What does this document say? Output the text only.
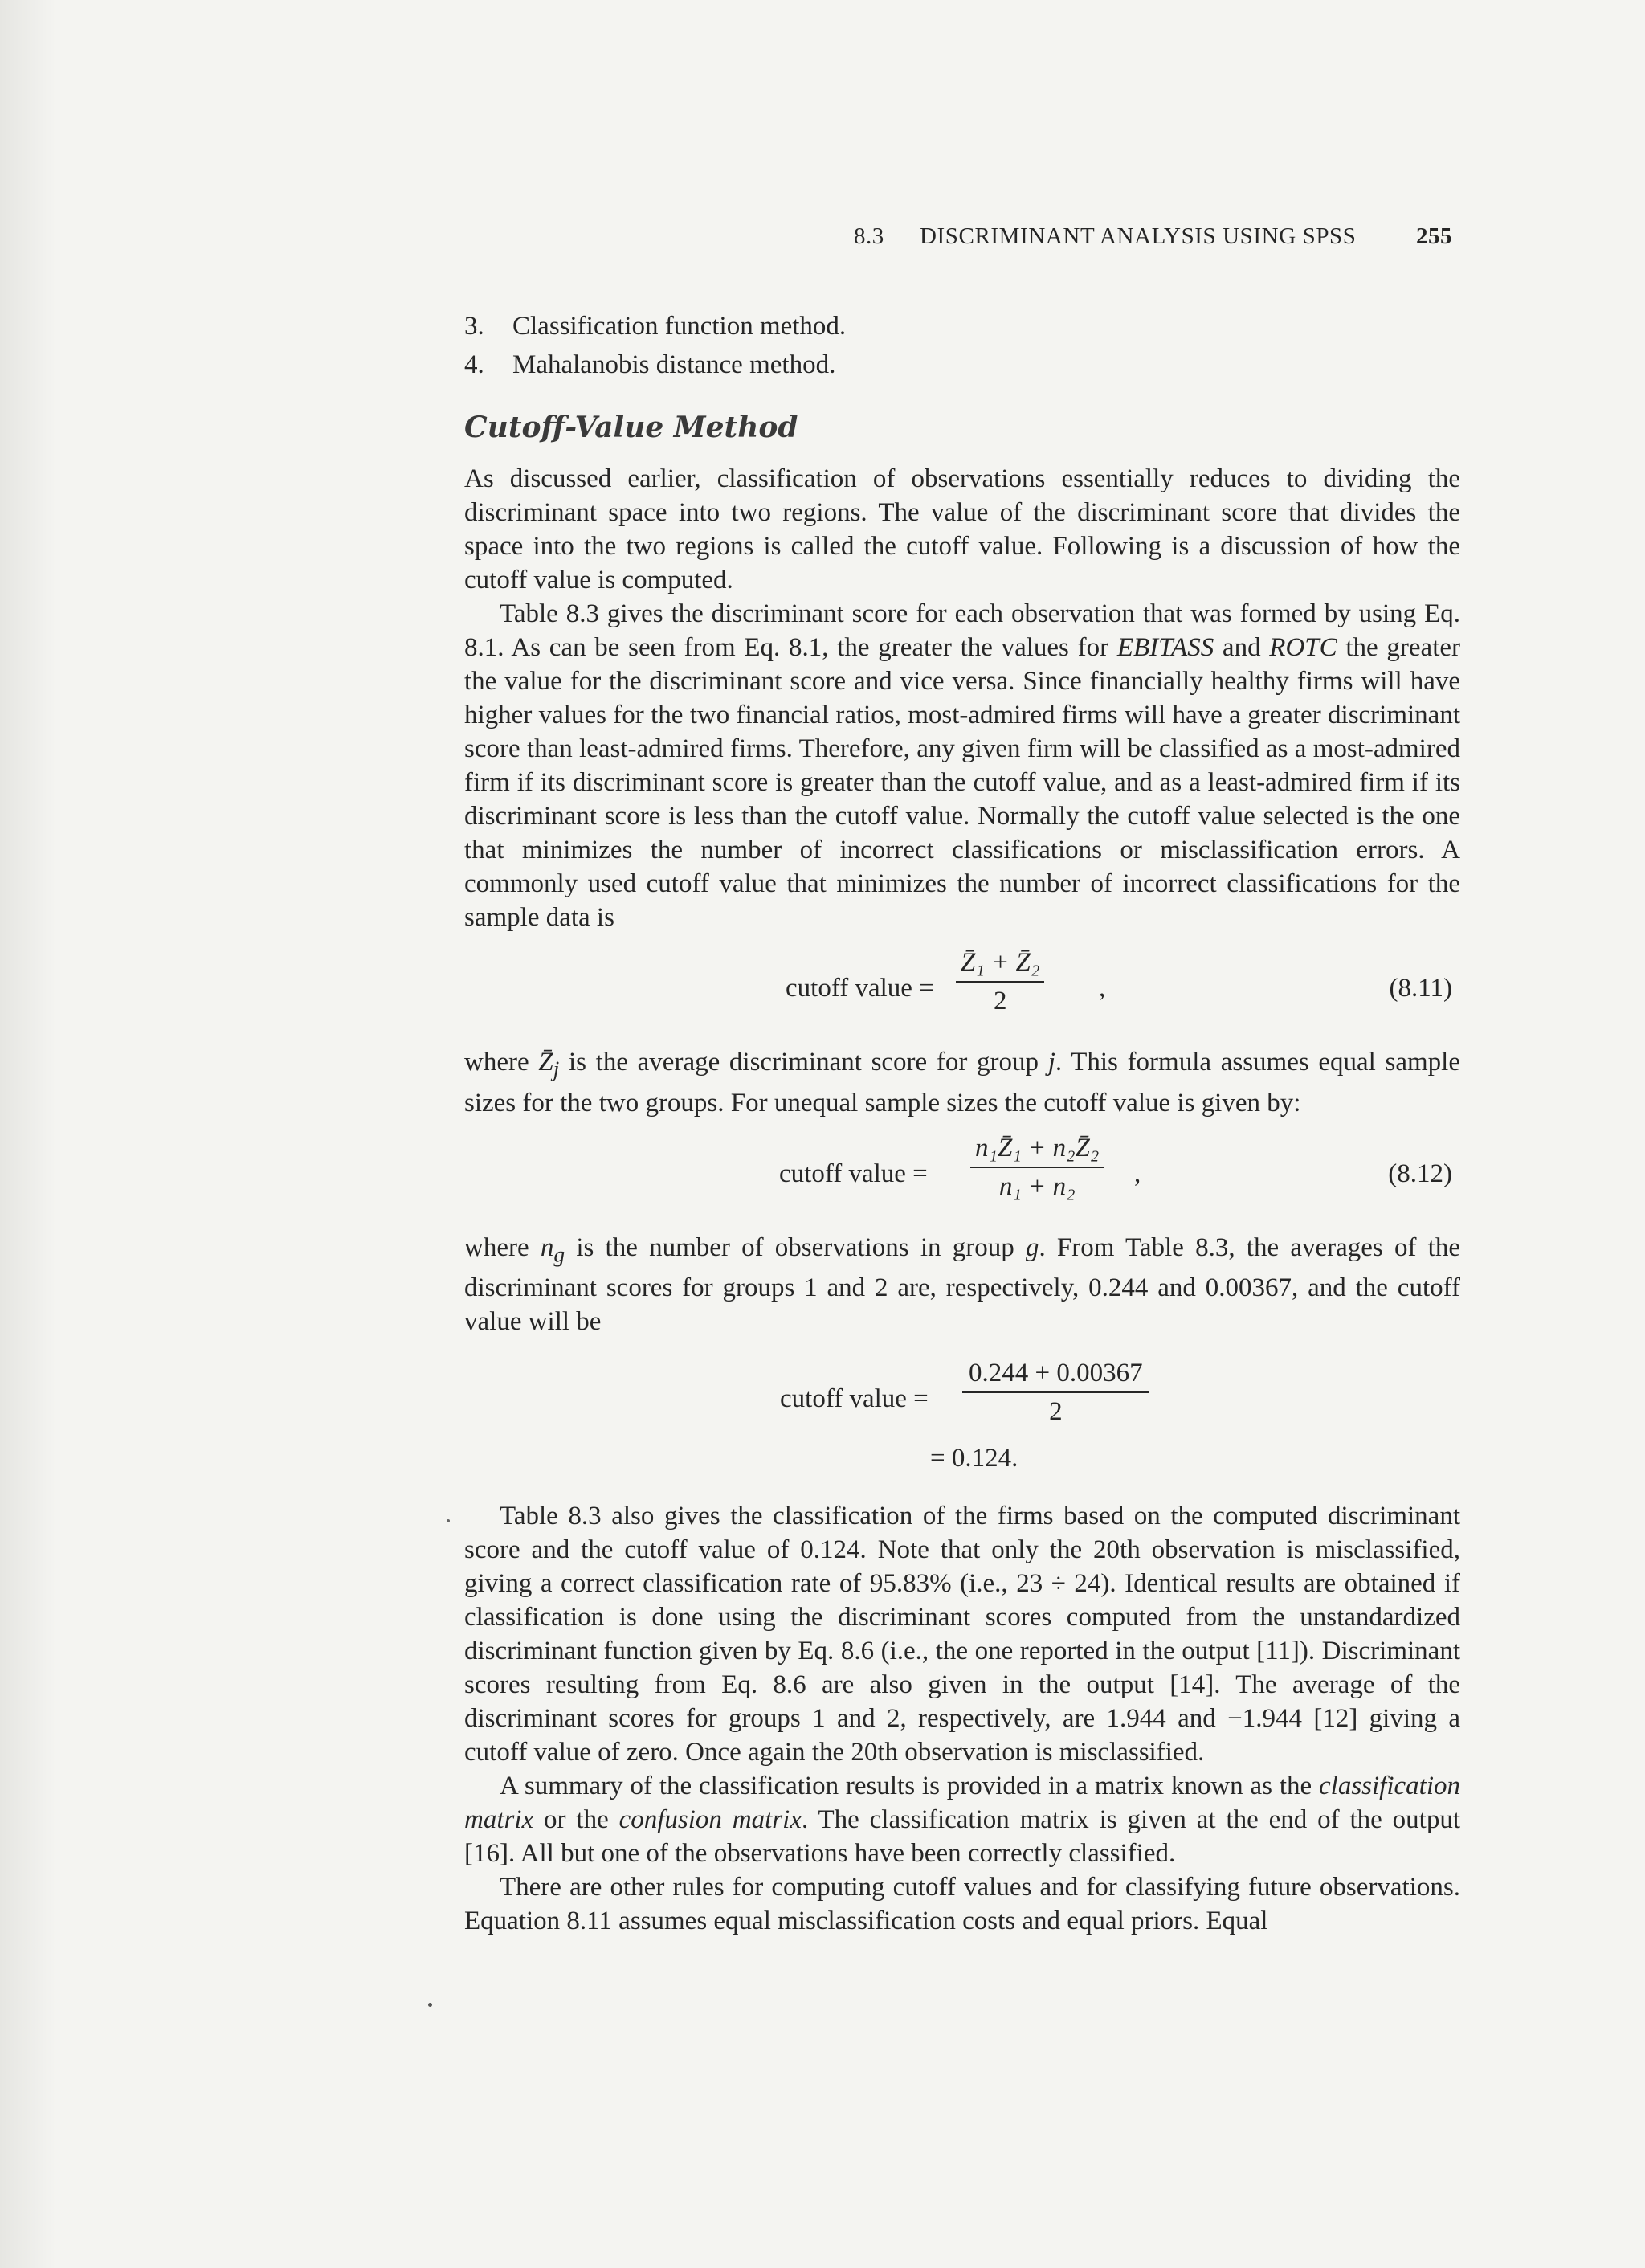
8.3 DISCRIMINANT ANALYSIS USING SPSS	255
3. Classification function method.
4. Mahalanobis distance method.
Cutoff-Value Method

As discussed earlier, classification of observations essentially reduces to dividing the discriminant space into two regions. The value of the discriminant score that divides the space into the two regions is called the cutoff value. Following is a discussion of how the cutoff value is computed.

Table 8.3 gives the discriminant score for each observation that was formed by using Eq. 8.1. As can be seen from Eq. 8.1, the greater the values for EBITASS and ROTC the greater the value for the discriminant score and vice versa. Since financially healthy firms will have higher values for the two financial ratios, most-admired firms will have a greater discriminant score than least-admired firms. Therefore, any given firm will be classified as a most-admired firm if its discriminant score is greater than the cutoff value, and as a least-admired firm if its discriminant score is less than the cutoff value. Normally the cutoff value selected is the one that minimizes the number of incorrect classifications or misclassification errors. A commonly used cutoff value that minimizes the number of incorrect classifications for the sample data is

cutoff value = $\frac{\text{Z̄₁ + Z̄₂}}{2}$ ,	(8.11)

where $Z̄_j$ is the average discriminant score for group j. This formula assumes equal sample sizes for the two groups. For unequal sample sizes the cutoff value is given by:

cutoff value = $\frac{\text{n₁Z̄₁ + n₂Z̄₂}}{\text{n₁ + n₂}}$ ,	(8.12)

where $n_g$ is the number of observations in group g. From Table 8.3, the averages of the discriminant scores for groups 1 and 2 are, respectively, 0.244 and 0.00367, and the cutoff value will be

cutoff value = $\frac{0.244 + 0.00367}{2}$
= 0.124.

Table 8.3 also gives the classification of the firms based on the computed discriminant score and the cutoff value of 0.124. Note that only the 20th observation is misclassified, giving a correct classification rate of 95.83% (i.e., 23 ÷ 24). Identical results are obtained if classification is done using the discriminant scores computed from the unstandardized discriminant function given by Eq. 8.6 (i.e., the one reported in the output [11]). Discriminant scores resulting from Eq. 8.6 are also given in the output [14]. The average of the discriminant scores for groups 1 and 2, respectively, are 1.944 and −1.944 [12] giving a cutoff value of zero. Once again the 20th observation is misclassified.

A summary of the classification results is provided in a matrix known as the classification matrix or the confusion matrix. The classification matrix is given at the end of the output [16]. All but one of the observations have been correctly classified.

There are other rules for computing cutoff values and for classifying future observations. Equation 8.11 assumes equal misclassification costs and equal priors. Equal
